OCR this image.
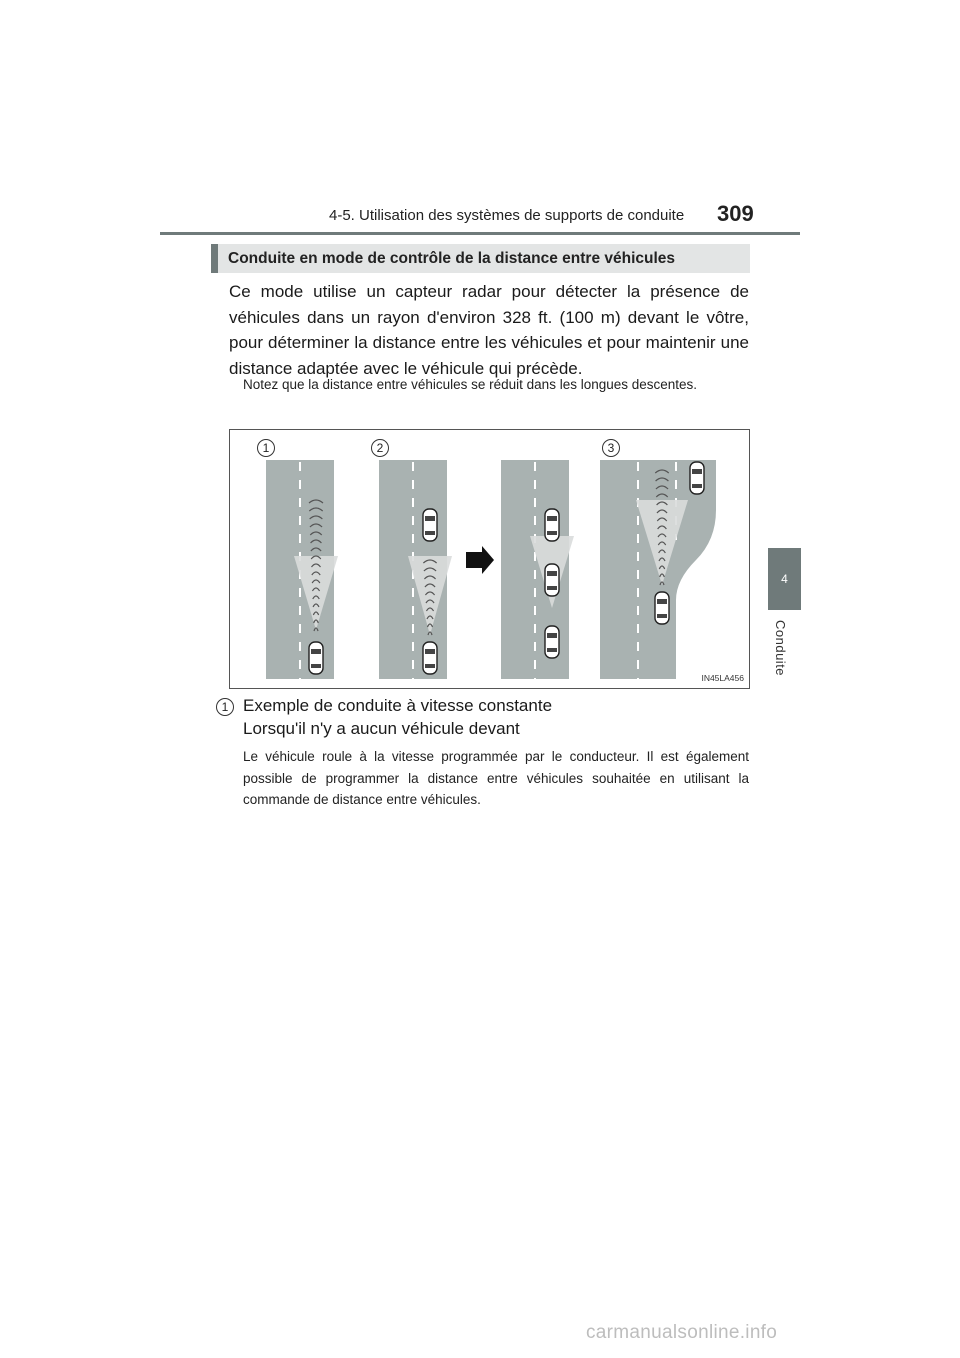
4-5. Utilisation des systèmes de supports de conduite 309
4
Conduite
Conduite en mode de contrôle de la distance entre véhicules
Ce mode utilise un capteur radar pour détecter la présence de véhicules dans un rayon d'environ 328 ft. (100 m) devant le vôtre, pour déterminer la distance entre les véhicules et pour maintenir une distance adaptée avec le véhicule qui précède.
Notez que la distance entre véhicules se réduit dans les longues descentes.
1	2	3
IN45LA456
1 Exemple de conduite à vitesse constante
Lorsqu'il n'y a aucun véhicule devant
Le véhicule roule à la vitesse programmée par le conducteur. Il est également possible de programmer la distance entre véhicules souhaitée en utilisant la commande de distance entre véhicules.
carmanualsonline.info
